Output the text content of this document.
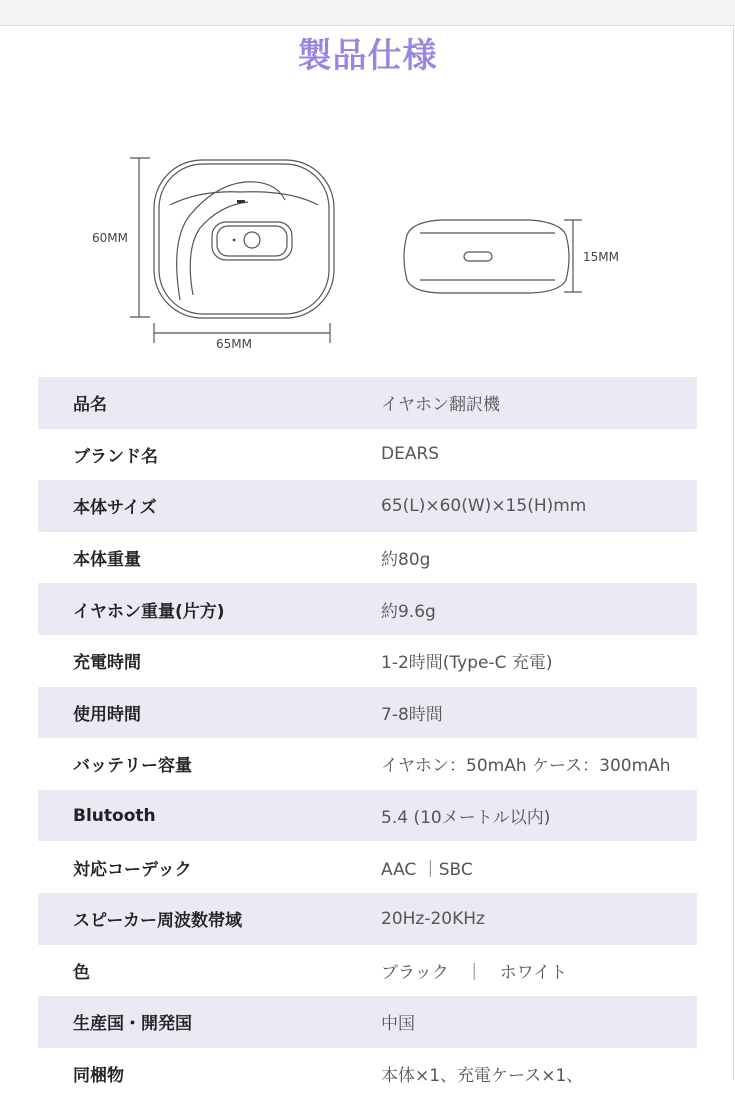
製品仕様
60MM
65MM
15MM
品名	イヤホン翻訳機
ブランド名	DEARS
本体サイズ	65(L)×60(W)×15(H)mm
本体重量	約80g
イヤホン重量(片方)	約9.6g
充電時間	1-2時間(Type-C 充電)
使用時間	7-8時間
バッテリー容量	イヤホン：50mAh ケース：300mAh
Blutooth	5.4 (10メートル以内)
対応コーデック	AAC ｜SBC
スピーカー周波数帯域	20Hz-20KHz
色	ブラック　｜　ホワイト
生産国・開発国	中国
同梱物	本体×1、充電ケース×1、
